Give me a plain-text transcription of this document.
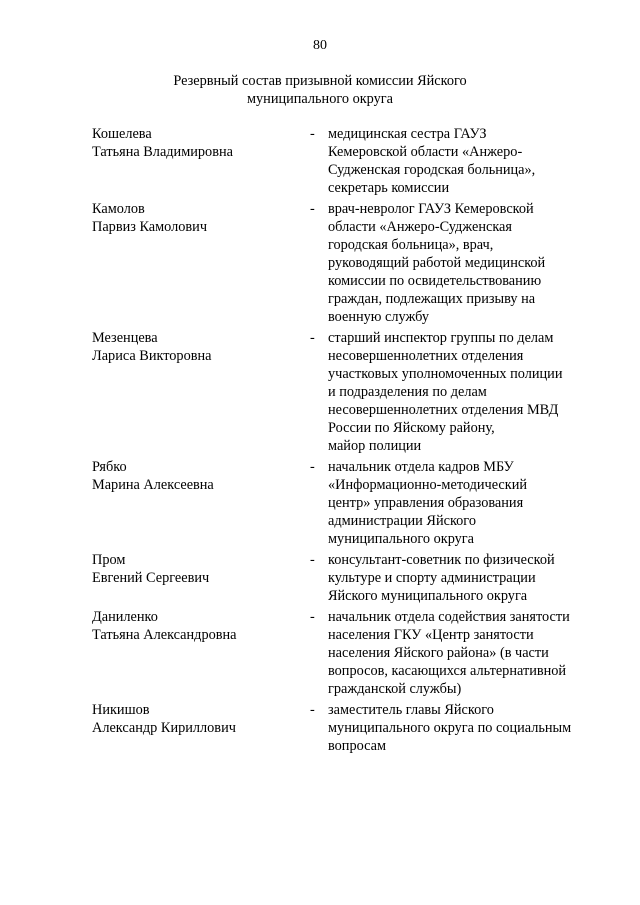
80
Резервный состав призывной комиссии Яйского
муниципального округа
Кошелева
Татьяна Владимировна
- медицинская сестра ГАУЗ
Кемеровской области «Анжеро-
Судженская городская больница»,
секретарь комиссии
Камолов
Парвиз Камолович
- врач-невролог ГАУЗ Кемеровской
области «Анжеро-Судженская
городская больница», врач,
руководящий работой медицинской
комиссии по освидетельствованию
граждан, подлежащих призыву на
военную службу
Мезенцева
Лариса Викторовна
- старший инспектор группы по делам
несовершеннолетних отделения
участковых уполномоченных полиции
и подразделения по делам
несовершеннолетних отделения МВД
России по Яйскому району,
майор полиции
Рябко
Марина Алексеевна
- начальник отдела кадров МБУ
«Информационно-методический
центр» управления образования
администрации Яйского
муниципального округа
Пром
Евгений Сергеевич
- консультант-советник по физической
культуре и спорту администрации
Яйского муниципального округа
Даниленко
Татьяна Александровна
- начальник отдела содействия занятости
населения ГКУ «Центр занятости
населения Яйского района» (в части
вопросов, касающихся альтернативной
гражданской службы)
Никишов
Александр Кириллович
- заместитель главы Яйского
муниципального округа по социальным
вопросам
